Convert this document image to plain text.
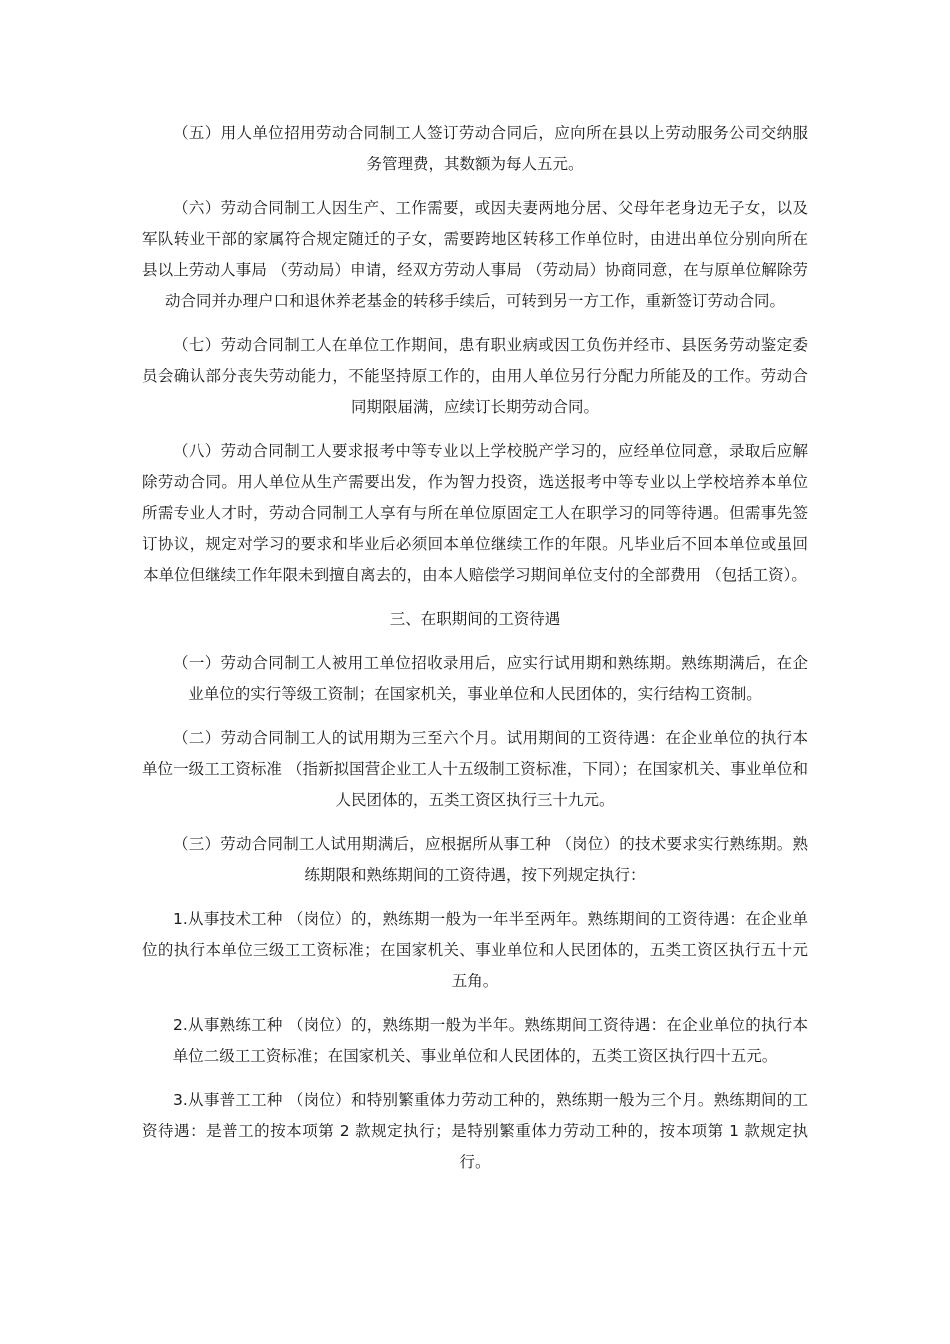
（五）用人单位招用劳动合同制工人签订劳动合同后，应向所在县以上劳动服务公司交纳服务管理费，其数额为每人五元。

（六）劳动合同制工人因生产、工作需要，或因夫妻两地分居、父母年老身边无子女，以及军队转业干部的家属符合规定随迁的子女，需要跨地区转移工作单位时，由进出单位分别向所在县以上劳动人事局 （劳动局）申请，经双方劳动人事局 （劳动局）协商同意，在与原单位解除劳动合同并办理户口和退休养老基金的转移手续后，可转到另一方工作，重新签订劳动合同。

（七）劳动合同制工人在单位工作期间，患有职业病或因工负伤并经市、县医务劳动鉴定委员会确认部分丧失劳动能力，不能坚持原工作的，由用人单位另行分配力所能及的工作。劳动合同期限届满，应续订长期劳动合同。

（八）劳动合同制工人要求报考中等专业以上学校脱产学习的，应经单位同意，录取后应解除劳动合同。用人单位从生产需要出发，作为智力投资，选送报考中等专业以上学校培养本单位所需专业人才时，劳动合同制工人享有与所在单位原固定工人在职学习的同等待遇。但需事先签订协议，规定对学习的要求和毕业后必须回本单位继续工作的年限。凡毕业后不回本单位或虽回本单位但继续工作年限未到擅自离去的，由本人赔偿学习期间单位支付的全部费用 （包括工资）。

三、在职期间的工资待遇

（一）劳动合同制工人被用工单位招收录用后，应实行试用期和熟练期。熟练期满后，在企业单位的实行等级工资制；在国家机关，事业单位和人民团体的，实行结构工资制。

（二）劳动合同制工人的试用期为三至六个月。试用期间的工资待遇：在企业单位的执行本单位一级工工资标准 （指新拟国营企业工人十五级制工资标准，下同）；在国家机关、事业单位和人民团体的，五类工资区执行三十九元。

（三）劳动合同制工人试用期满后，应根据所从事工种 （岗位）的技术要求实行熟练期。熟练期限和熟练期间的工资待遇，按下列规定执行：

1.从事技术工种 （岗位）的，熟练期一般为一年半至两年。熟练期间的工资待遇：在企业单位的执行本单位三级工工资标准；在国家机关、事业单位和人民团体的，五类工资区执行五十元五角。

2.从事熟练工种 （岗位）的，熟练期一般为半年。熟练期间工资待遇：在企业单位的执行本单位二级工工资标准；在国家机关、事业单位和人民团体的，五类工资区执行四十五元。

3.从事普工工种 （岗位）和特别繁重体力劳动工种的，熟练期一般为三个月。熟练期间的工资待遇：是普工的按本项第 2 款规定执行；是特别繁重体力劳动工种的，按本项第 1 款规定执行。
